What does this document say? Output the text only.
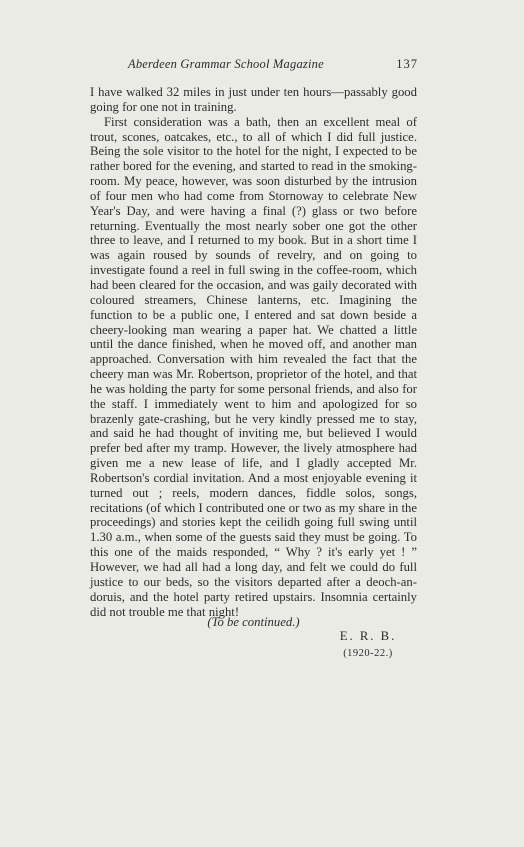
Aberdeen Grammar School Magazine	137

I have walked 32 miles in just under ten hours—passably good going for one not in training.

First consideration was a bath, then an excellent meal of trout, scones, oatcakes, etc., to all of which I did full justice. Being the sole visitor to the hotel for the night, I expected to be rather bored for the evening, and started to read in the smoking-room. My peace, however, was soon disturbed by the intrusion of four men who had come from Stornoway to celebrate New Year's Day, and were having a final (?) glass or two before returning. Eventually the most nearly sober one got the other three to leave, and I returned to my book. But in a short time I was again roused by sounds of revelry, and on going to investigate found a reel in full swing in the coffee-room, which had been cleared for the occasion, and was gaily decorated with coloured streamers, Chinese lanterns, etc. Imagining the function to be a public one, I entered and sat down beside a cheery-looking man wearing a paper hat. We chatted a little until the dance finished, when he moved off, and another man approached. Conversation with him revealed the fact that the cheery man was Mr. Robertson, proprietor of the hotel, and that he was holding the party for some personal friends, and also for the staff. I immediately went to him and apologized for so brazenly gate-crashing, but he very kindly pressed me to stay, and said he had thought of inviting me, but believed I would prefer bed after my tramp. However, the lively atmosphere had given me a new lease of life, and I gladly accepted Mr. Robertson's cordial invitation. And a most enjoyable evening it turned out ; reels, modern dances, fiddle solos, songs, recitations (of which I contributed one or two as my share in the proceedings) and stories kept the ceilidh going full swing until 1.30 a.m., when some of the guests said they must be going. To this one of the maids responded, “ Why ? it's early yet ! ” However, we had all had a long day, and felt we could do full justice to our beds, so the visitors departed after a deoch-an-doruis, and the hotel party retired upstairs. Insomnia certainly did not trouble me that night!

(To be continued.)
E. R. B.
(1920-22.)
